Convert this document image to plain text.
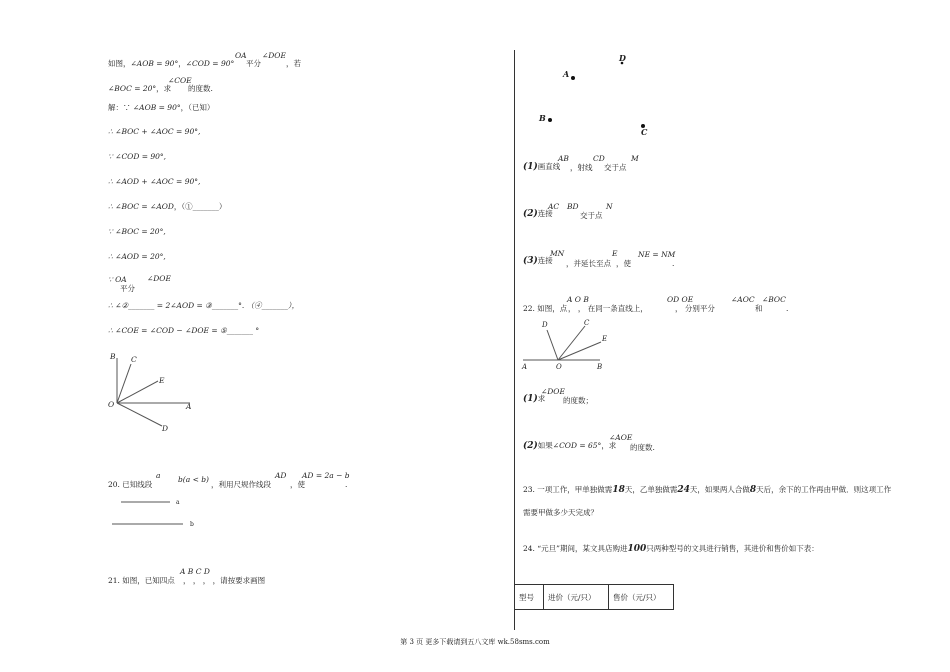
OA ∠DOE
如图，∠AOB = 90°，∠COD = 90° 平分	，若
∠COE
∠BOC = 20°，求 的度数.
解：∵ ∠AOB = 90°，（已知）
∴ ∠BOC + ∠AOC = 90°,
∵ ∠COD = 90°,
∴ ∠AOD + ∠AOC = 90°,
∴ ∠BOC = ∠AOD，（①_______）
∵ ∠BOC = 20°,
∴ ∠AOD = 20°,
∠DOE
∵ OA
平分
∴ ∠②_______ = 2∠AOD = ③_______°. （④_______），
∴ ∠COE = ∠COD − ∠DOE = ⑤_______ °
B C
E
O	A
D
a
b
A
B
C
D
D	C
E
A	O	B
a	AD
20. 已知线段
b(a < b)
，利用尺规作线段	，使
AD = 2a − b
.
A B C D
21. 如图，已知四点 ， ， ， ，请按要求画图
AB	CD	M
(1)画直线 ，射线 交于点
AC BD	N
(2)连接	交于点
MN	E	NE = NM
(3)连接 ，并延长至点 ，使	.
A O B	OD OE	∠AOC ∠BOC
22. 如图，点 ， ， 在同一条直线上，	， 分别平分	和	.
∠DOE
(1)求 的度数；
∠AOE
(2)如果∠COD = 65°，求 的度数.
23. 一项工作，甲单独做需18天，乙单独做需24天，如果两人合做8天后，余下的工作再由甲做．则这项工作
需要甲做多少天完成？
24. “元旦”期间，某文具店购进100只两种型号的文具进行销售，其进价和售价如下表：
型号	进价（元/只）	售价（元/只）
第 3 页 更多下载请到五八文库 wk.58sms.com
